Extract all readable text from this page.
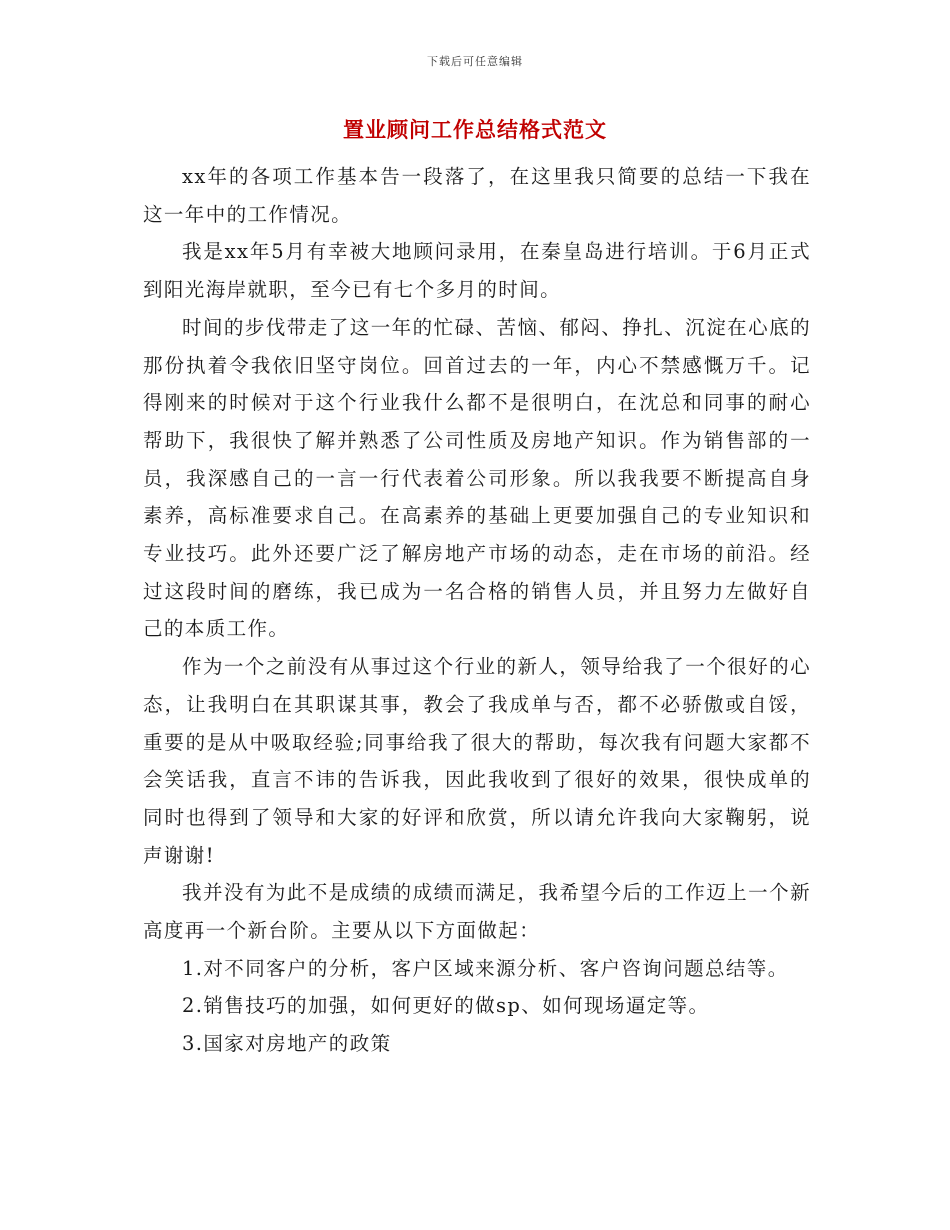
下载后可任意编辑
置业顾问工作总结格式范文

xx年的各项工作基本告一段落了，在这里我只简要的总结一下我在这一年中的工作情况。

我是xx年5月有幸被大地顾问录用，在秦皇岛进行培训。于6月正式到阳光海岸就职，至今已有七个多月的时间。

时间的步伐带走了这一年的忙碌、苦恼、郁闷、挣扎、沉淀在心底的那份执着令我依旧坚守岗位。回首过去的一年，内心不禁感慨万千。记得刚来的时候对于这个行业我什么都不是很明白，在沈总和同事的耐心帮助下，我很快了解并熟悉了公司性质及房地产知识。作为销售部的一员，我深感自己的一言一行代表着公司形象。所以我我要不断提高自身素养，高标准要求自己。在高素养的基础上更要加强自己的专业知识和专业技巧。此外还要广泛了解房地产市场的动态，走在市场的前沿。经过这段时间的磨练，我已成为一名合格的销售人员，并且努力左做好自己的本质工作。

作为一个之前没有从事过这个行业的新人，领导给我了一个很好的心态，让我明白在其职谋其事，教会了我成单与否，都不必骄傲或自馁，重要的是从中吸取经验;同事给我了很大的帮助，每次我有问题大家都不会笑话我，直言不讳的告诉我，因此我收到了很好的效果，很快成单的同时也得到了领导和大家的好评和欣赏，所以请允许我向大家鞠躬，说声谢谢!

我并没有为此不是成绩的成绩而满足，我希望今后的工作迈上一个新高度再一个新台阶。主要从以下方面做起：

1.对不同客户的分析，客户区域来源分析、客户咨询问题总结等。

2.销售技巧的加强，如何更好的做sp、如何现场逼定等。

3.国家对房地产的政策
